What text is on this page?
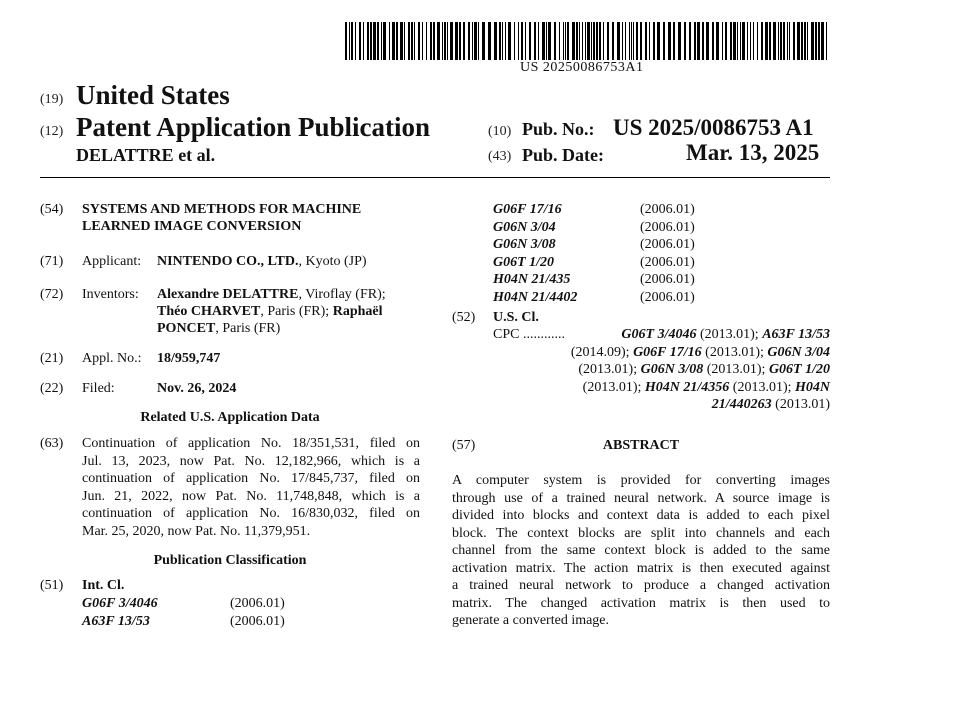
US 20250086753A1
(19) United States
(12) Patent Application Publication
DELATTRE et al.
(10) Pub. No.: US 2025/0086753 A1
(43) Pub. Date:	Mar. 13, 2025
(54) SYSTEMS AND METHODS FOR MACHINE
LEARNED IMAGE CONVERSION
(71) Applicant: NINTENDO CO., LTD., Kyoto (JP)
(72) Inventors: Alexandre DELATTRE, Viroflay (FR);
Théo CHARVET, Paris (FR); Raphaël
PONCET, Paris (FR)
(21) Appl. No.: 18/959,747
(22) Filed:	Nov. 26, 2024
Related U.S. Application Data
(63) Continuation of application No. 18/351,531, filed on
Jul. 13, 2023, now Pat. No. 12,182,966, which is a
continuation of application No. 17/845,737, filed on
Jun. 21, 2022, now Pat. No. 11,748,848, which is a
continuation of application No. 16/830,032, filed on
Mar. 25, 2020, now Pat. No. 11,379,951.
Publication Classification
(51) Int. Cl.
G06F 3/4046	(2006.01)
A63F 13/53	(2006.01)
G06F 17/16	(2006.01)
G06N 3/04	(2006.01)
G06N 3/08	(2006.01)
G06T 1/20	(2006.01)
H04N 21/435	(2006.01)
H04N 21/4402	(2006.01)
(52) U.S. Cl.
CPC ............	G06T 3/4046 (2013.01); A63F 13/53
(2014.09); G06F 17/16 (2013.01); G06N 3/04
(2013.01); G06N 3/08 (2013.01); G06T 1/20
(2013.01); H04N 21/4356 (2013.01); H04N
21/440263 (2013.01)
(57)	ABSTRACT
A computer system is provided for converting images
through use of a trained neural network. A source image is
divided into blocks and context data is added to each pixel
block. The context blocks are split into channels and each
channel from the same context block is added to the same
activation matrix. The action matrix is then executed against
a trained neural network to produce a changed activation
matrix. The changed activation matrix is then used to
generate a converted image.
